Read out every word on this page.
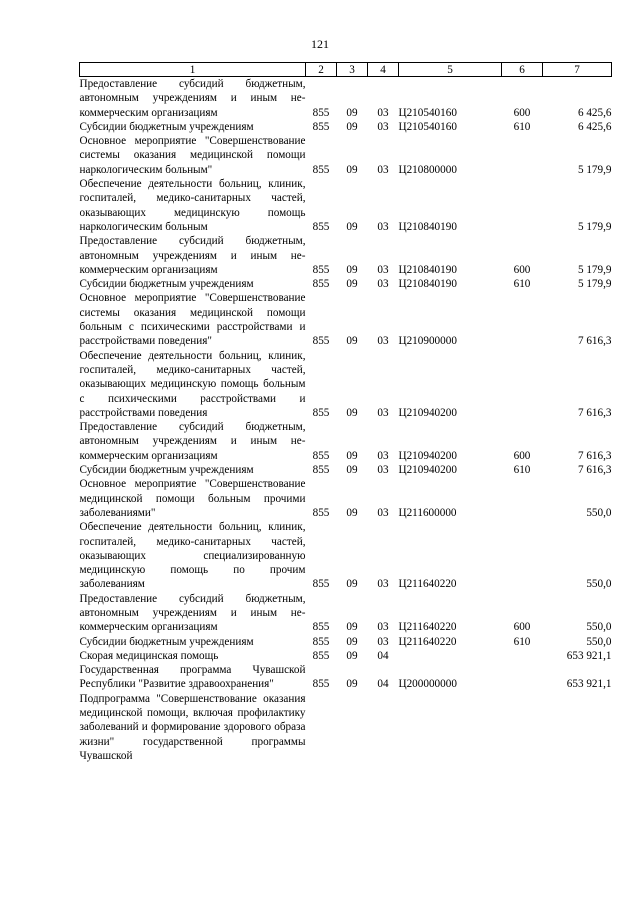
121
1	2	3	4	5	6	7
Предоставление субсидий бюджетным, автономным учреждениям и иным некоммерческим организациям	855	09	03	Ц210540160	600	6 425,6
Субсидии бюджетным учреждениям	855	09	03	Ц210540160	610	6 425,6
Основное мероприятие "Совершенствование системы оказания медицинской помощи наркологическим больным"	855	09	03	Ц210800000		5 179,9
Обеспечение деятельности больниц, клиник, госпиталей, медико-санитарных частей, оказывающих медицинскую помощь наркологическим больным	855	09	03	Ц210840190		5 179,9
Предоставление субсидий бюджетным, автономным учреждениям и иным некоммерческим организациям	855	09	03	Ц210840190	600	5 179,9
Субсидии бюджетным учреждениям	855	09	03	Ц210840190	610	5 179,9
Основное мероприятие "Совершенствование системы оказания медицинской помощи больным с психическими расстройствами и расстройствами поведения"	855	09	03	Ц210900000		7 616,3
Обеспечение деятельности больниц, клиник, госпиталей, медико-санитарных частей, оказывающих медицинскую помощь больным с психическими расстройствами и расстройствами поведения	855	09	03	Ц210940200		7 616,3
Предоставление субсидий бюджетным, автономным учреждениям и иным некоммерческим организациям	855	09	03	Ц210940200	600	7 616,3
Субсидии бюджетным учреждениям	855	09	03	Ц210940200	610	7 616,3
Основное мероприятие "Совершенствование медицинской помощи больным прочими заболеваниями"	855	09	03	Ц211600000		550,0
Обеспечение деятельности больниц, клиник, госпиталей, медико-санитарных частей, оказывающих специализированную медицинскую помощь по прочим заболеваниям	855	09	03	Ц211640220		550,0
Предоставление субсидий бюджетным, автономным учреждениям и иным некоммерческим организациям	855	09	03	Ц211640220	600	550,0
Субсидии бюджетным учреждениям	855	09	03	Ц211640220	610	550,0
Скорая медицинская помощь	855	09	04			653 921,1
Государственная программа Чувашской Республики "Развитие здравоохранения"	855	09	04	Ц200000000		653 921,1
Подпрограмма "Совершенствование оказания медицинской помощи, включая профилактику заболеваний и формирование здорового образа жизни" государственной программы Чувашской						
